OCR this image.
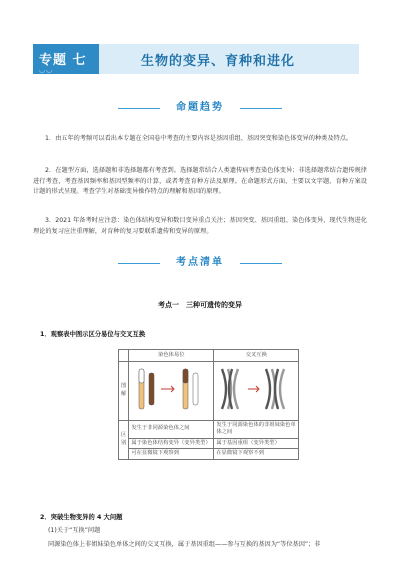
专题 七
◡◡
生物的变异、育种和进化
命题趋势
1．由五年的考频可以看出本专题在全国卷中考查的主要内容是基因重组、基因突变和染色体变异的种类及特点。
2．在题型方面，选择题和非选择题都有考查到。选择题常结合人类遗传病考查染色体变异；非选择题常结合遗传规律进行考查，考查基因频率和基因型频率的计算，或者考查育种方法及原理。在命题形式方面，主要以文字题、育种方案设计题的形式呈现。考查学生对基础变异操作特点的理解和基因的原理。
3．2021 年备考时应注意：染色体结构变异和数目变异重点关注；基因突变、基因重组、染色体变异、现代生物进化理论的复习应注重理解，对育种的复习要联系遗传和变异的原理。
考点清单
考点一　三种可遗传的变异
1．观察表中图示区分易位与交叉互换
	染色体易位	交叉互换
图解		
区别	发生于非同源染色体之间	发生于同源染色体的非姐妹染色单体之间
	属于染色体结构变异（变异类型）	属于基因重组（变异类型）
	可在显微镜下观察到	在显微镜下观察不到
2．突破生物变异的 4 大问题
(1)关于“互换”问题
同源染色体上非姐妹染色单体之间的交叉互换，属于基因重组——参与互换的基因为“等位基因”；非
